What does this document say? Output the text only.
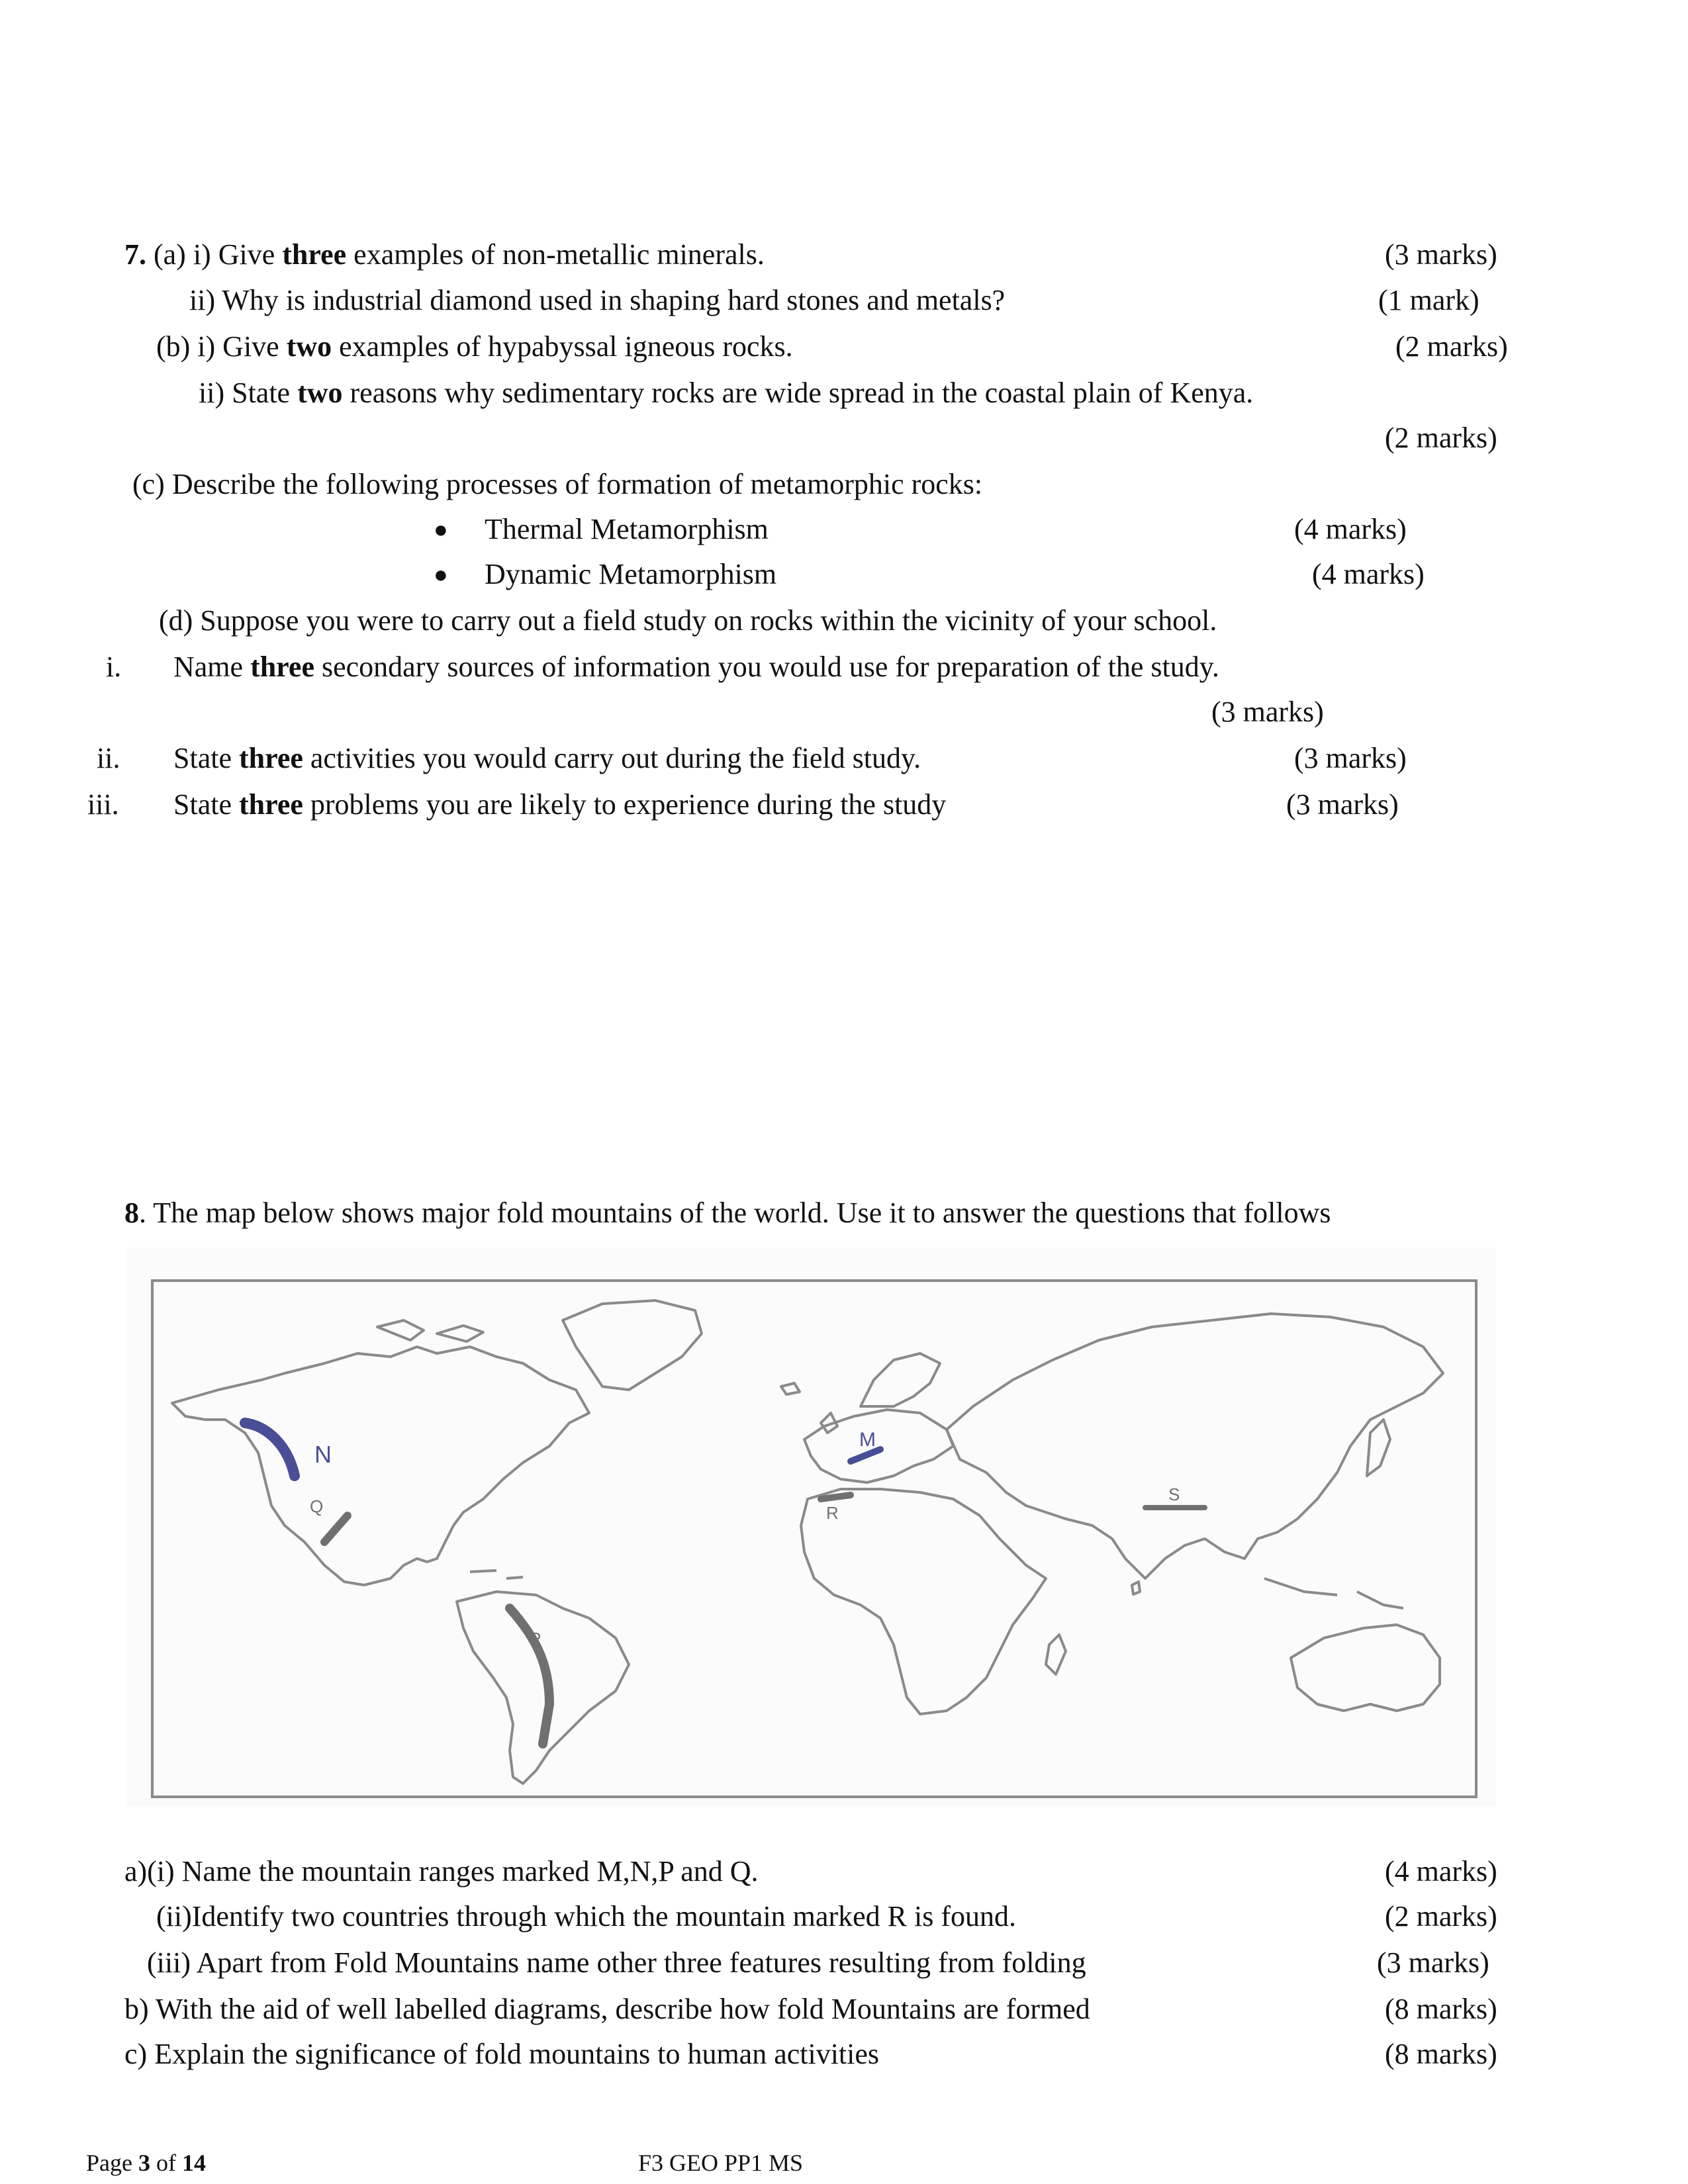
7. (a) i) Give three examples of non-metallic minerals.	(3 marks)
ii) Why is industrial diamond used in shaping hard stones and metals?	(1 mark)
(b) i) Give two examples of hypabyssal igneous rocks.	(2 marks)
ii) State two reasons why sedimentary rocks are wide spread in the coastal plain of Kenya.
(2 marks)
(c) Describe the following processes of formation of metamorphic rocks:
● Thermal Metamorphism	(4 marks)
● Dynamic Metamorphism	(4 marks)
(d) Suppose you were to carry out a field study on rocks within the vicinity of your school.
i. Name three secondary sources of information you would use for preparation of the study.
(3 marks)
ii. State three activities you would carry out during the field study.	(3 marks)
iii. State three problems you are likely to experience during the study	(3 marks)
8. The map below shows major fold mountains of the world. Use it to answer the questions that follows
N
Q
M
R
S
P
a)(i) Name the mountain ranges marked M,N,P and Q.	(4 marks)
(ii)Identify two countries through which the mountain marked R is found.	(2 marks)
(iii) Apart from Fold Mountains name other three features resulting from folding	(3 marks)
b) With the aid of well labelled diagrams, describe how fold Mountains are formed	(8 marks)
c) Explain the significance of fold mountains to human activities	(8 marks)
Page 3 of 14	F3 GEO PP1 MS
